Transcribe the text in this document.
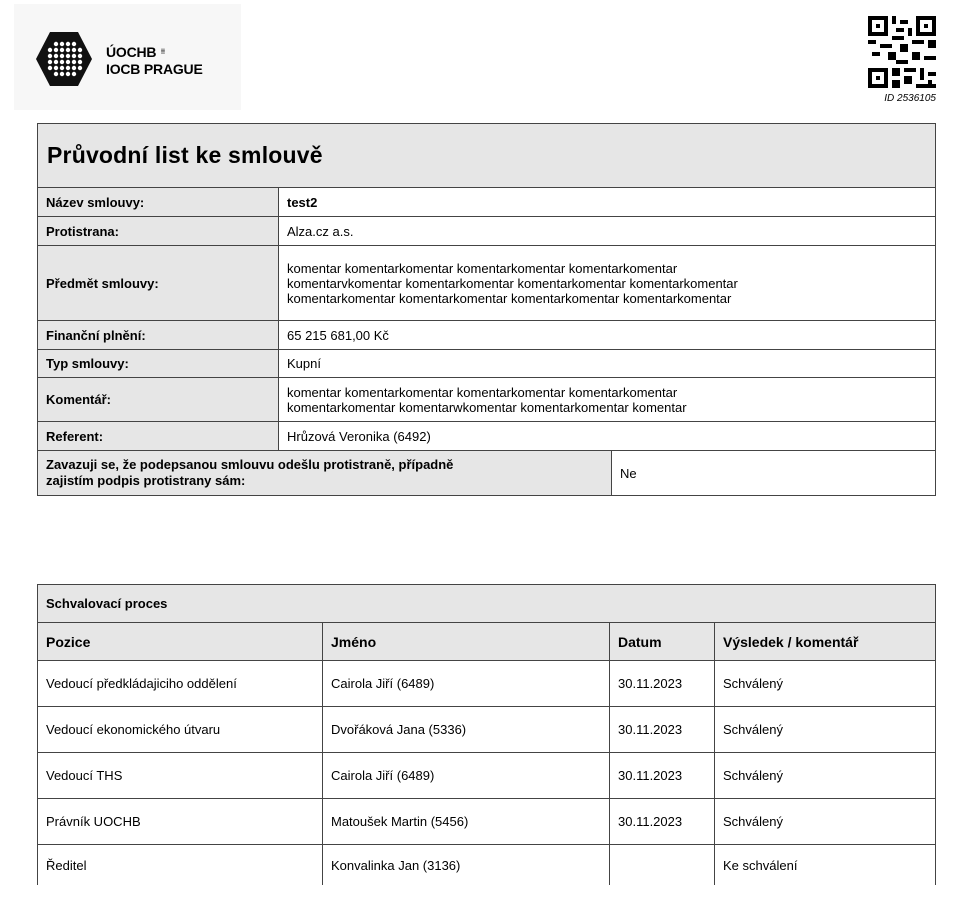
ÚOCHB ≣
IOCB PRAGUE
ID 2536105
Průvodní list ke smlouvě		
Název smlouvy:	test2	
Protistrana:	Alza.cz a.s.	
Předmět smlouvy:	komentar komentarkomentar komentarkomentar komentarkomentar
komentarvkomentar komentarkomentar komentarkomentar komentarkomentar
komentarkomentar komentarkomentar komentarkomentar komentarkomentar	

Finanční plnění:	65 215 681,00 Kč	
Typ smlouvy:	Kupní	
Komentář:	komentar komentarkomentar komentarkomentar komentarkomentar
komentarkomentar komentarwkomentar komentarkomentar komentar	

Referent:	Hrůzová Veronika (6492)	

Zavazuji se, že podepsanou smlouvu odešlu protistraně, případně
zajistím podpis protistrany sám:		Ne
Schvalovací proces			
Pozice	Jméno	Datum	Výsledek / komentář
Vedoucí předkládajiciho oddělení	Cairola Jiří (6489)	30.11.2023	Schválený
Vedoucí ekonomického útvaru	Dvořáková Jana (5336)	30.11.2023	Schválený
Vedoucí THS	Cairola Jiří (6489)	30.11.2023	Schválený
Právník UOCHB	Matoušek Martin (5456)	30.11.2023	Schválený
Ředitel	Konvalinka Jan (3136)		Ke schválení
